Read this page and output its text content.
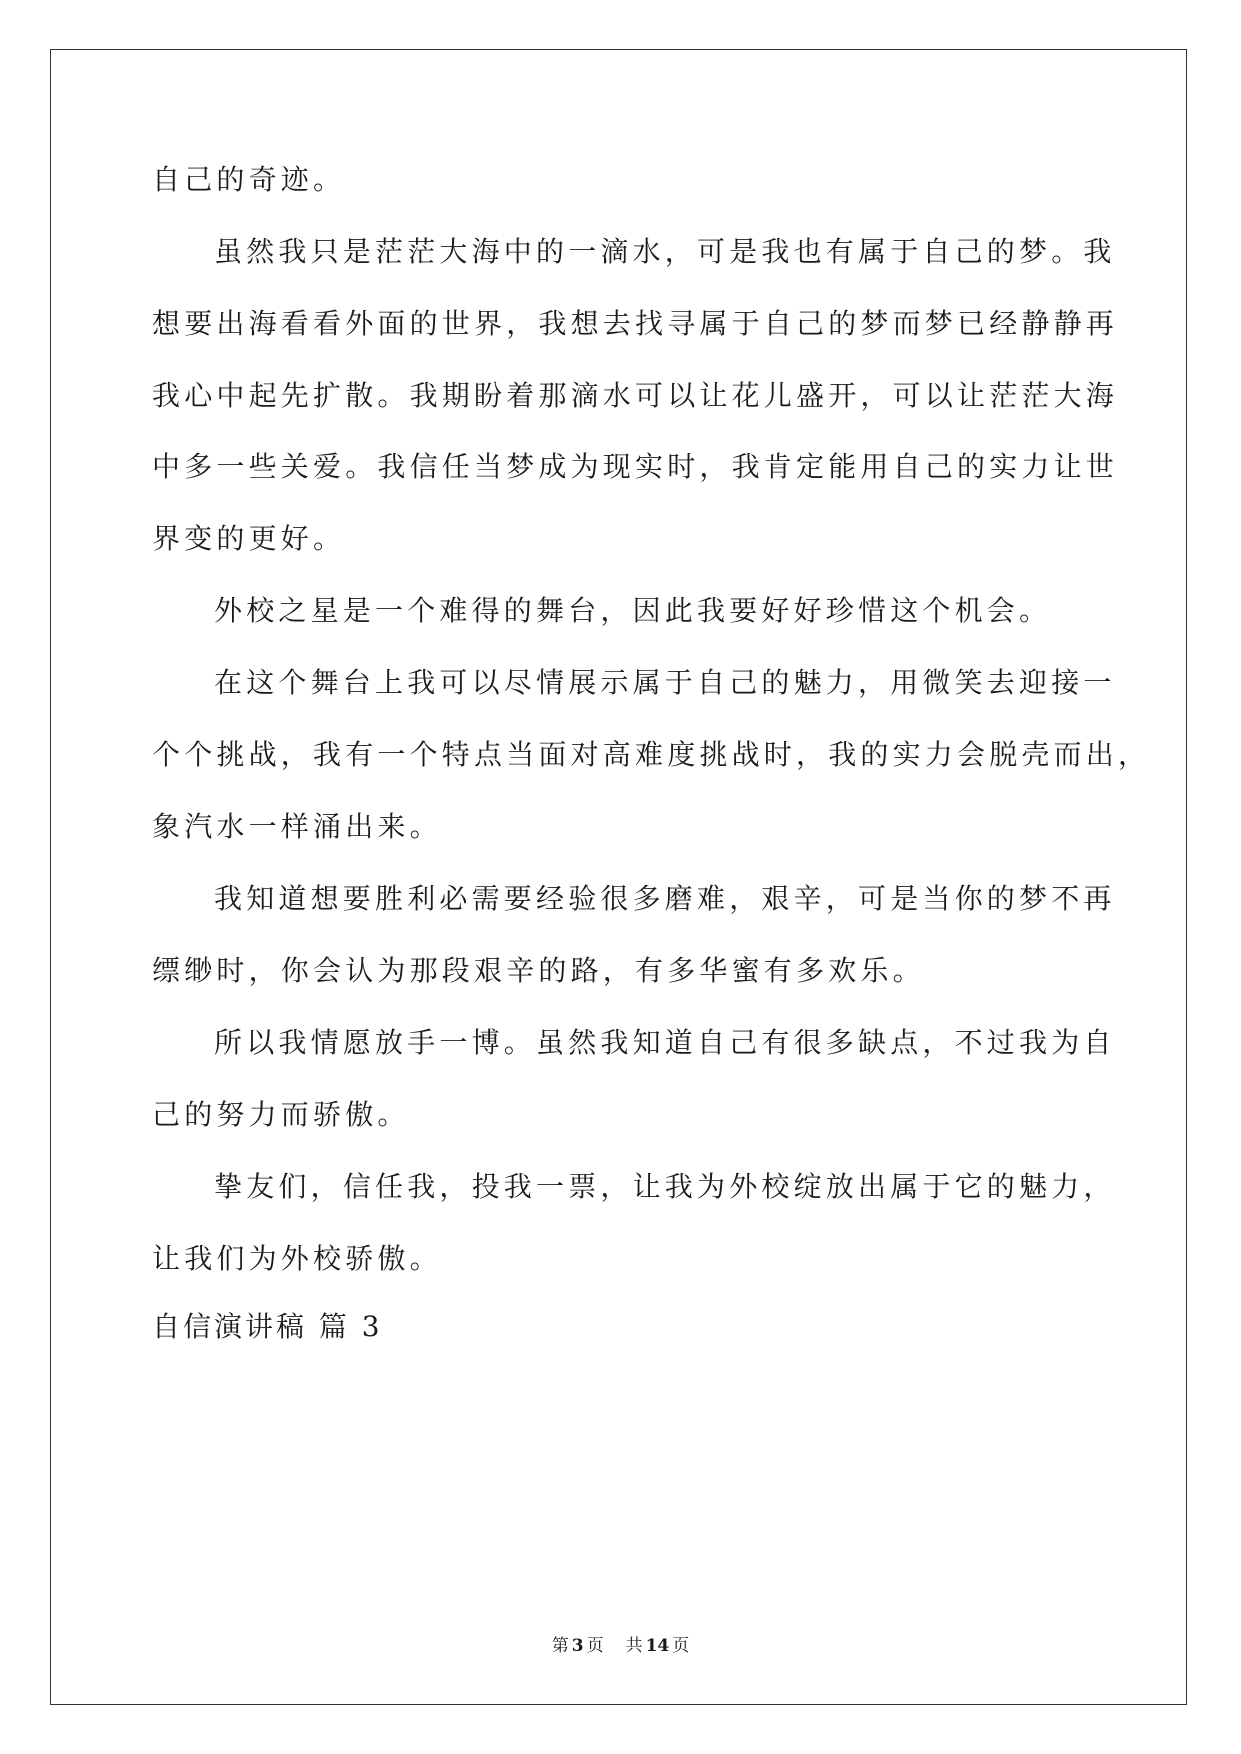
自己的奇迹。
虽然我只是茫茫大海中的一滴水，可是我也有属于自己的梦。我
想要出海看看外面的世界，我想去找寻属于自己的梦而梦已经静静再
我心中起先扩散。我期盼着那滴水可以让花儿盛开，可以让茫茫大海
中多一些关爱。我信任当梦成为现实时，我肯定能用自己的实力让世
界变的更好。
外校之星是一个难得的舞台，因此我要好好珍惜这个机会。
在这个舞台上我可以尽情展示属于自己的魅力，用微笑去迎接一
个个挑战，我有一个特点当面对高难度挑战时，我的实力会脱壳而出，
象汽水一样涌出来。
我知道想要胜利必需要经验很多磨难，艰辛，可是当你的梦不再
缥缈时，你会认为那段艰辛的路，有多华蜜有多欢乐。
所以我情愿放手一博。虽然我知道自己有很多缺点，不过我为自
己的努力而骄傲。
挚友们，信任我，投我一票，让我为外校绽放出属于它的魅力，
让我们为外校骄傲。
自信演讲稿 篇 3
第 3 页 共 14 页
